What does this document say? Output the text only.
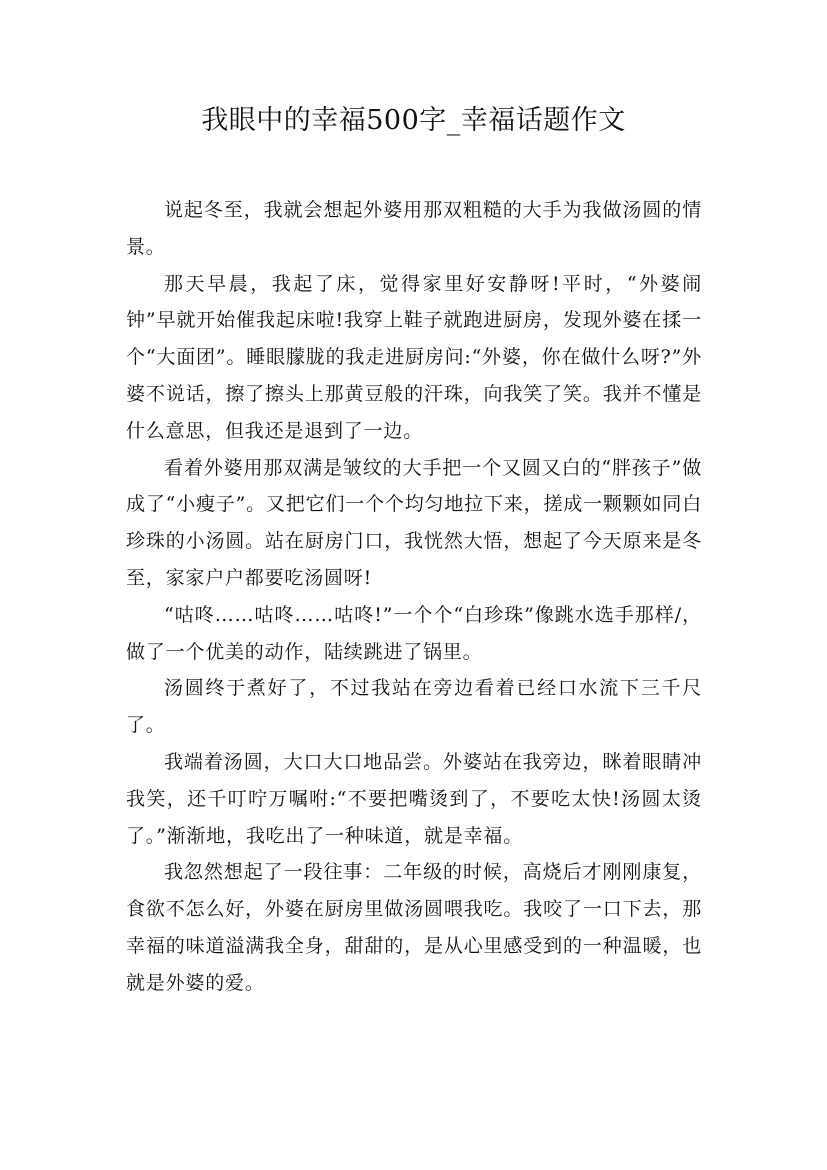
我眼中的幸福500字_幸福话题作文

说起冬至，我就会想起外婆用那双粗糙的大手为我做汤圆的情景。

那天早晨，我起了床，觉得家里好安静呀!平时，“外婆闹钟”早就开始催我起床啦!我穿上鞋子就跑进厨房，发现外婆在揉一个“大面团”。睡眼朦胧的我走进厨房问:“外婆，你在做什么呀?”外婆不说话，擦了擦头上那黄豆般的汗珠，向我笑了笑。我并不懂是什么意思，但我还是退到了一边。

看着外婆用那双满是皱纹的大手把一个又圆又白的“胖孩子”做成了“小瘦子”。又把它们一个个均匀地拉下来，搓成一颗颗如同白珍珠的小汤圆。站在厨房门口，我恍然大悟，想起了今天原来是冬至，家家户户都要吃汤圆呀!

“咕咚……咕咚……咕咚!”一个个“白珍珠”像跳水选手那样/，做了一个优美的动作，陆续跳进了锅里。

汤圆终于煮好了，不过我站在旁边看着已经口水流下三千尺了。

我端着汤圆，大口大口地品尝。外婆站在我旁边，眯着眼睛冲我笑，还千叮咛万嘱咐:“不要把嘴烫到了，不要吃太快!汤圆太烫了。”渐渐地，我吃出了一种味道，就是幸福。

我忽然想起了一段往事：二年级的时候，高烧后才刚刚康复，食欲不怎么好，外婆在厨房里做汤圆喂我吃。我咬了一口下去，那幸福的味道溢满我全身，甜甜的，是从心里感受到的一种温暖，也就是外婆的爱。
